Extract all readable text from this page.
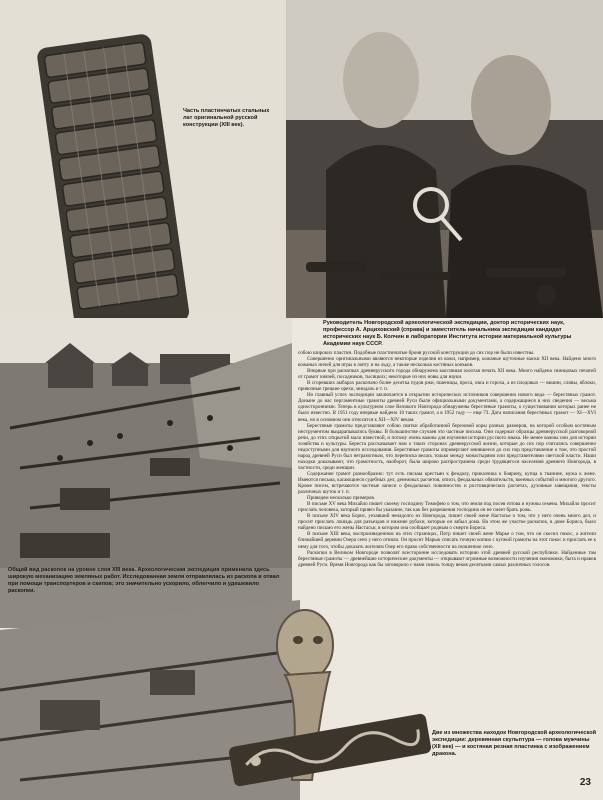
Часть пластинчатых стальных лат оригинальной русской конструкции (XIII век).
Руководитель Новгородской археологической экспедиции, доктор исторических наук, профессор А. Арциховский (справа) и заместитель начальника экспедиции кандидат исторических наук Б. Колчин в лаборатории Института истории материальной культуры Академии наук СССР.
Общий вид раскопок на уровне слоя XIII века. Археологическая экспедиция применила здесь широкую механизацию земляных работ. Исследованная земля отправлялась из раскопа в отвал при помощи транспортеров и скипов; это значительно ускорило, облегчило и удешевило раскопки.
Две из множества находок Новгородской археологической экспедиции: деревянная скульптура — голова мужчины (XII век) — и костяная резная пластинка с изображением дракона.

собою широких пластин. Подобные пластинчатые броня русской конструкции до сих пор не были известны.

Совершенно оригинальными являются некоторые изделия из кожи, например, кожаные шуточные маски XII века. Найдено много кожаных ничей для игры в лапту и на льду, а также несколько костяных коньков.

Впервые при раскопках древнерусского города обнаружена массивная золотая печать XII века. Много найдено свинцовых печатей от грамот князей, посадников, тысяцких; некоторые из них новы для науки.

В сгоревших амбарах раскопано более десятка пудов ржи, пшеницы, проса, овса и гороха, а из плодовых — вишни, сливы, яблоки, привозные грецкие орехи, миндаль и т. п.

Но главный успех экспедиции заключается в открытии исторических источников совершенно нового вида — берестяных грамот. Доныне до нас пергаментные грамоты древней Руси были официальными документами, а содержащиеся в них сведения — весьма односторонними. Теперь в культурном слое Великого Новгорода обнаружены берестяные грамоты, о существовании которых ранее не было известно. В 1951 году впервые найдено 10 таких грамот, а в 1952 году — еще 73. Дата написания берестяных грамот — XI—XVI века, но в основном они относятся к XII—XIV векам.

Берестяные грамоты представляют собою свитки обработанной березовой коры разных размеров, на которой особым костяным инструментом выцарапывались буквы. В большинстве случаев это частные письма. Они содержат образцы древнерусской разговорной речи, до этих открытий мало известной, и потому очень важны для изучения истории русского языка. Не менее важны они для истории хозяйства и культуры. Береста рассказывает нам о таких сторонах древнерусской жизни, которые до сих пор считались совершенно недоступными для научного исследования. Берестяные грамоты опровергают мнившееся до сих пор представление о том, что простой народ древней Руси был неграмотным, что переписка велась только между монастырями или представителями светской власти. Наши находки доказывают, что грамотность, наоборот, была широко распространена среди трудящегося населения древнего Новгорода, в частности, среди женщин.

Содержание грамот разнообразно: тут есть письма крестьян к феодалу, приказчика к боярину, купца к тканине, мужа к жене. Имеются письма, касающиеся судебных дел, денежных расчетов, описи, феодальных обязательств, военных событий и многого другого. Кроме писем, встречаются частные записи о феодальных повинностях и ростовщических расчетах, духовные завещания, тексты различных шуток и т. п.

Приведем несколько примеров.

В письме XV века Михайло пишет своему господину Тимофею о том, что земля под посев готова и нужны семена. Михайло просит прислать человека, который привез бы указание, так как без разрешения господина он не смеет брать рожь.

В письме XIV века Борис, уехавший ненадолго из Новгорода, пишет своей жене Настасье о том, что у него очень много дел, и просит прислать лошадь для разъездов и нижние рубахи, которые он забыл дома. На этом же участке раскопок, в доме Бориса, было найдено письмо его жены Настасьи, в котором она сообщает родным о смерти Бориса.

В письме XIII века, воспроизведенном на этих страницах, Петр пишет своей жене Марье о том, что он скосил покос, а жители ближайшей деревни Озера сено у него отняли. Он просит Марью списать точную копию с купной грамоты на этот покос и прислать ее к нему для того, чтобы доказать жителям Озер его право собственности на скошенное сено.

Раскопки в Великом Новгороде позволят всесторонне исследовать историю этой древней русской республики. Найденные там берестяные грамоты — древнейшие исторические документы — открывают огромные возможности изучения экономики, быта и нравов древней Руси. Время Новгорода как бы заговорило с нами сквозь толщу веков десятками самых различных голосов.

23
